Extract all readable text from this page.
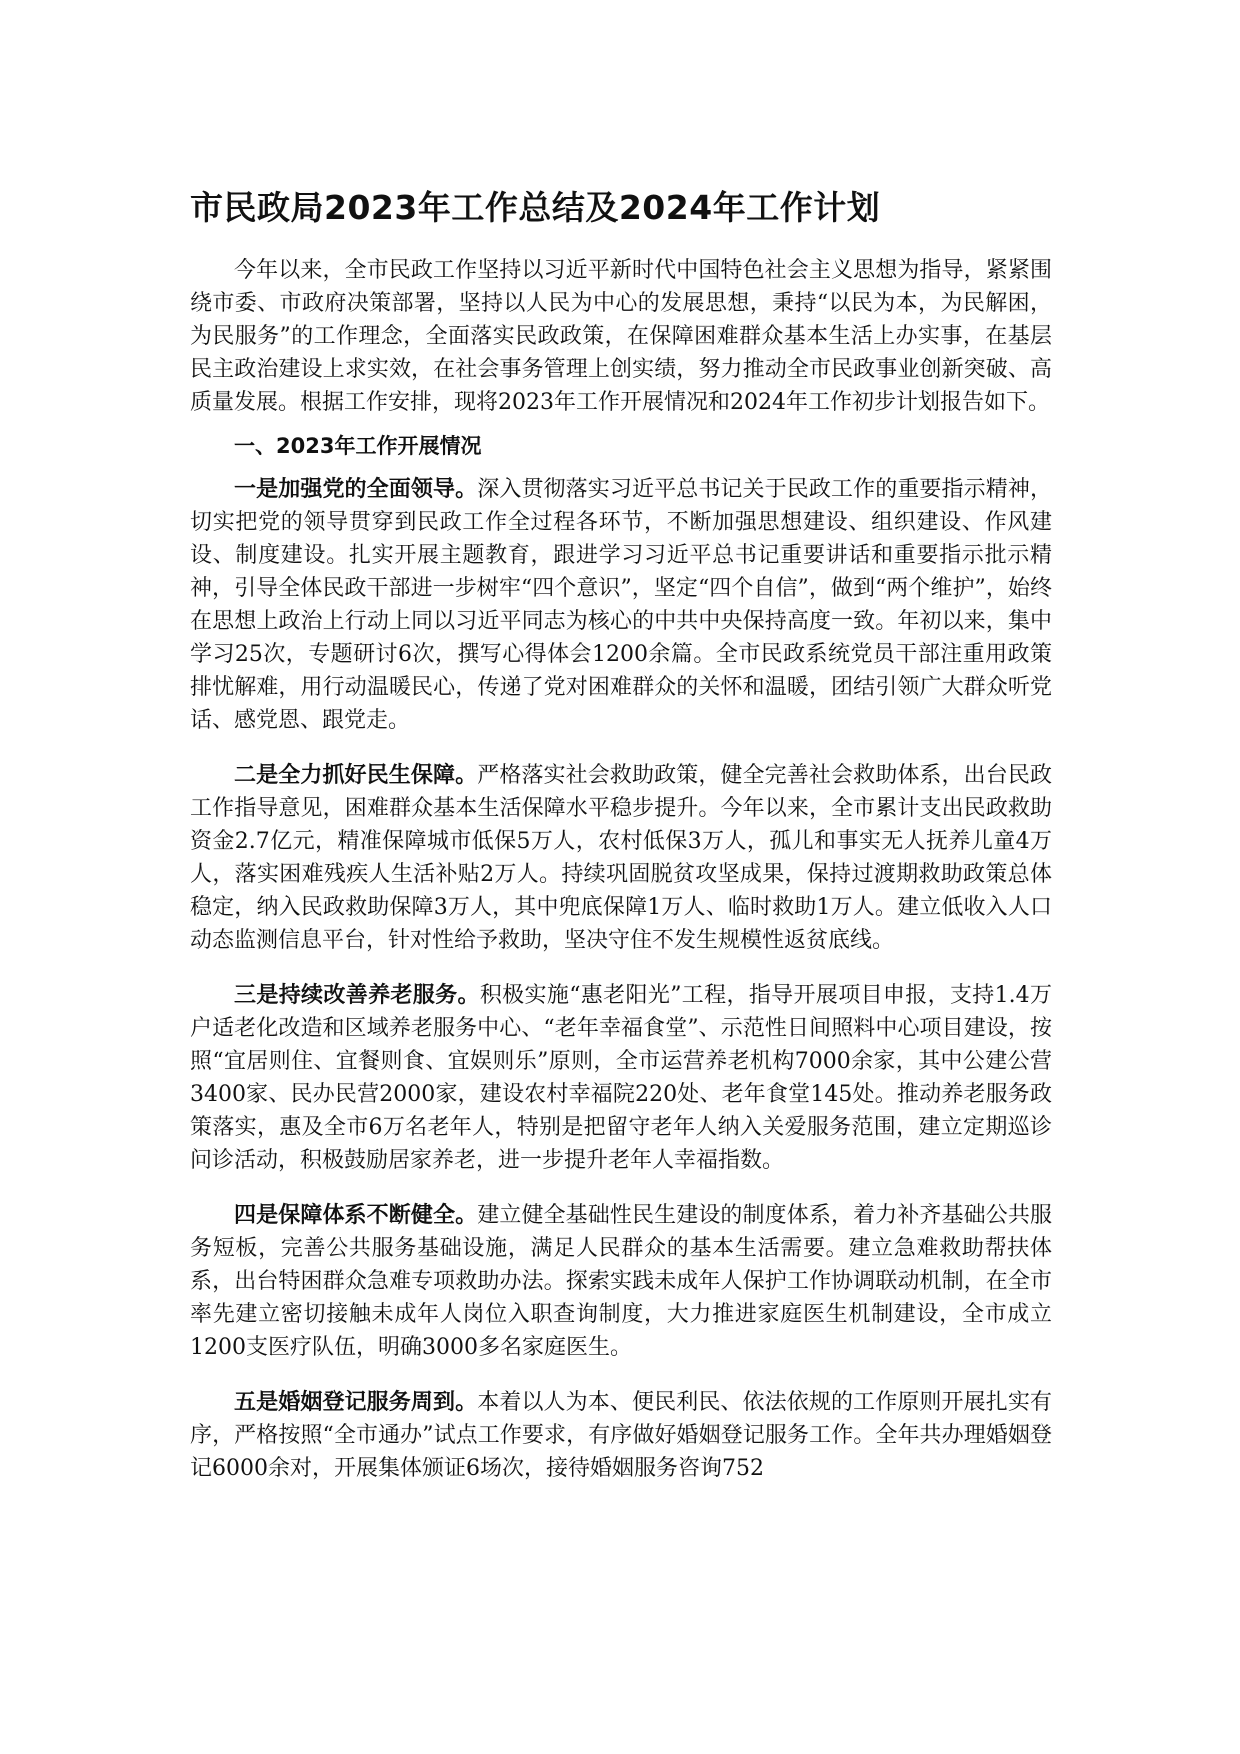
市民政局2023年工作总结及2024年工作计划

今年以来，全市民政工作坚持以习近平新时代中国特色社会主义思想为指导，紧紧围绕市委、市政府决策部署，坚持以人民为中心的发展思想，秉持“以民为本，为民解困，为民服务”的工作理念，全面落实民政政策，在保障困难群众基本生活上办实事，在基层民主政治建设上求实效，在社会事务管理上创实绩，努力推动全市民政事业创新突破、高质量发展。根据工作安排，现将2023年工作开展情况和2024年工作初步计划报告如下。

一、2023年工作开展情况

一是加强党的全面领导。深入贯彻落实习近平总书记关于民政工作的重要指示精神，切实把党的领导贯穿到民政工作全过程各环节，不断加强思想建设、组织建设、作风建设、制度建设。扎实开展主题教育，跟进学习习近平总书记重要讲话和重要指示批示精神，引导全体民政干部进一步树牢“四个意识”，坚定“四个自信”，做到“两个维护”，始终在思想上政治上行动上同以习近平同志为核心的中共中央保持高度一致。年初以来，集中学习25次，专题研讨6次，撰写心得体会1200余篇。全市民政系统党员干部注重用政策排忧解难，用行动温暖民心，传递了党对困难群众的关怀和温暖，团结引领广大群众听党话、感党恩、跟党走。

二是全力抓好民生保障。严格落实社会救助政策，健全完善社会救助体系，出台民政工作指导意见，困难群众基本生活保障水平稳步提升。今年以来，全市累计支出民政救助资金2.7亿元，精准保障城市低保5万人，农村低保3万人，孤儿和事实无人抚养儿童4万人，落实困难残疾人生活补贴2万人。持续巩固脱贫攻坚成果，保持过渡期救助政策总体稳定，纳入民政救助保障3万人，其中兜底保障1万人、临时救助1万人。建立低收入人口动态监测信息平台，针对性给予救助，坚决守住不发生规模性返贫底线。

三是持续改善养老服务。积极实施“惠老阳光”工程，指导开展项目申报，支持1.4万户适老化改造和区域养老服务中心、“老年幸福食堂”、示范性日间照料中心项目建设，按照“宜居则住、宜餐则食、宜娱则乐”原则，全市运营养老机构7000余家，其中公建公营3400家、民办民营2000家，建设农村幸福院220处、老年食堂145处。推动养老服务政策落实，惠及全市6万名老年人，特别是把留守老年人纳入关爱服务范围，建立定期巡诊问诊活动，积极鼓励居家养老，进一步提升老年人幸福指数。

四是保障体系不断健全。建立健全基础性民生建设的制度体系，着力补齐基础公共服务短板，完善公共服务基础设施，满足人民群众的基本生活需要。建立急难救助帮扶体系，出台特困群众急难专项救助办法。探索实践未成年人保护工作协调联动机制，在全市率先建立密切接触未成年人岗位入职查询制度，大力推进家庭医生机制建设，全市成立1200支医疗队伍，明确3000多名家庭医生。

五是婚姻登记服务周到。本着以人为本、便民利民、依法依规的工作原则开展扎实有序，严格按照“全市通办”试点工作要求，有序做好婚姻登记服务工作。全年共办理婚姻登记6000余对，开展集体颁证6场次，接待婚姻服务咨询752
